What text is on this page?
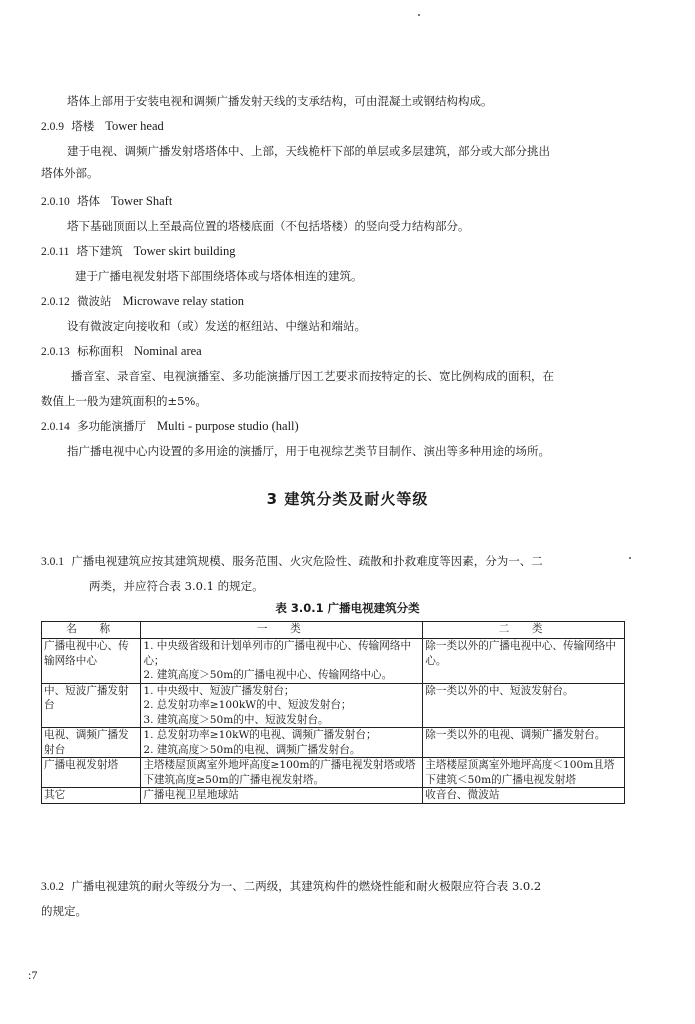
塔体上部用于安装电视和调频广播发射天线的支承结构，可由混凝土或钢结构构成。
2.0.9 塔楼 Tower head
建于电视、调频广播发射塔塔体中、上部，天线桅杆下部的单层或多层建筑，部分或大部分挑出
塔体外部。
2.0.10 塔体 Tower Shaft
塔下基础顶面以上至最高位置的塔楼底面（不包括塔楼）的竖向受力结构部分。
2.0.11 塔下建筑 Tower skirt building
建于广播电视发射塔下部围绕塔体或与塔体相连的建筑。
2.0.12 微波站 Microwave relay station
设有微波定向接收和（或）发送的枢纽站、中继站和端站。
2.0.13 标称面积 Nominal area
播音室、录音室、电视演播室、多功能演播厅因工艺要求而按特定的长、宽比例构成的面积，在
数值上一般为建筑面积的±5%。
2.0.14 多功能演播厅 Multi - purpose studio (hall)
指广播电视中心内设置的多用途的演播厅，用于电视综艺类节目制作、演出等多种用途的场所。
3 建筑分类及耐火等级
3.0.1 广播电视建筑应按其建筑规模、服务范围、火灾危险性、疏散和扑救难度等因素，分为一、二
两类，并应符合表 3.0.1 的规定。
表 3.0.1 广播电视建筑分类
名　称	一　类	二　类
广播电视中心、传输网络中心	1. 中央级省级和计划单列市的广播电视中心、传输网络中心；
2. 建筑高度＞50m的广播电视中心、传输网络中心。	除一类以外的广播电视中心、传输网络中心。
中、短波广播发射台	1. 中央级中、短波广播发射台；
2. 总发射功率≥100kW的中、短波发射台；
3. 建筑高度＞50m的中、短波发射台。	除一类以外的中、短波发射台。
电视、调频广播发射台	1. 总发射功率≥10kW的电视、调频广播发射台；
2. 建筑高度＞50m的电视、调频广播发射台。	除一类以外的电视、调频广播发射台。
广播电视发射塔	主塔楼屋顶离室外地坪高度≥100m的广播电视发射塔或塔下建筑高度≥50m的广播电视发射塔。	主塔楼屋顶离室外地坪高度＜100m且塔下建筑＜50m的广播电视发射塔
其它	广播电视卫星地球站	收音台、微波站
3.0.2 广播电视建筑的耐火等级分为一、二两级，其建筑构件的燃烧性能和耐火极限应符合表 3.0.2
的规定。
:7
